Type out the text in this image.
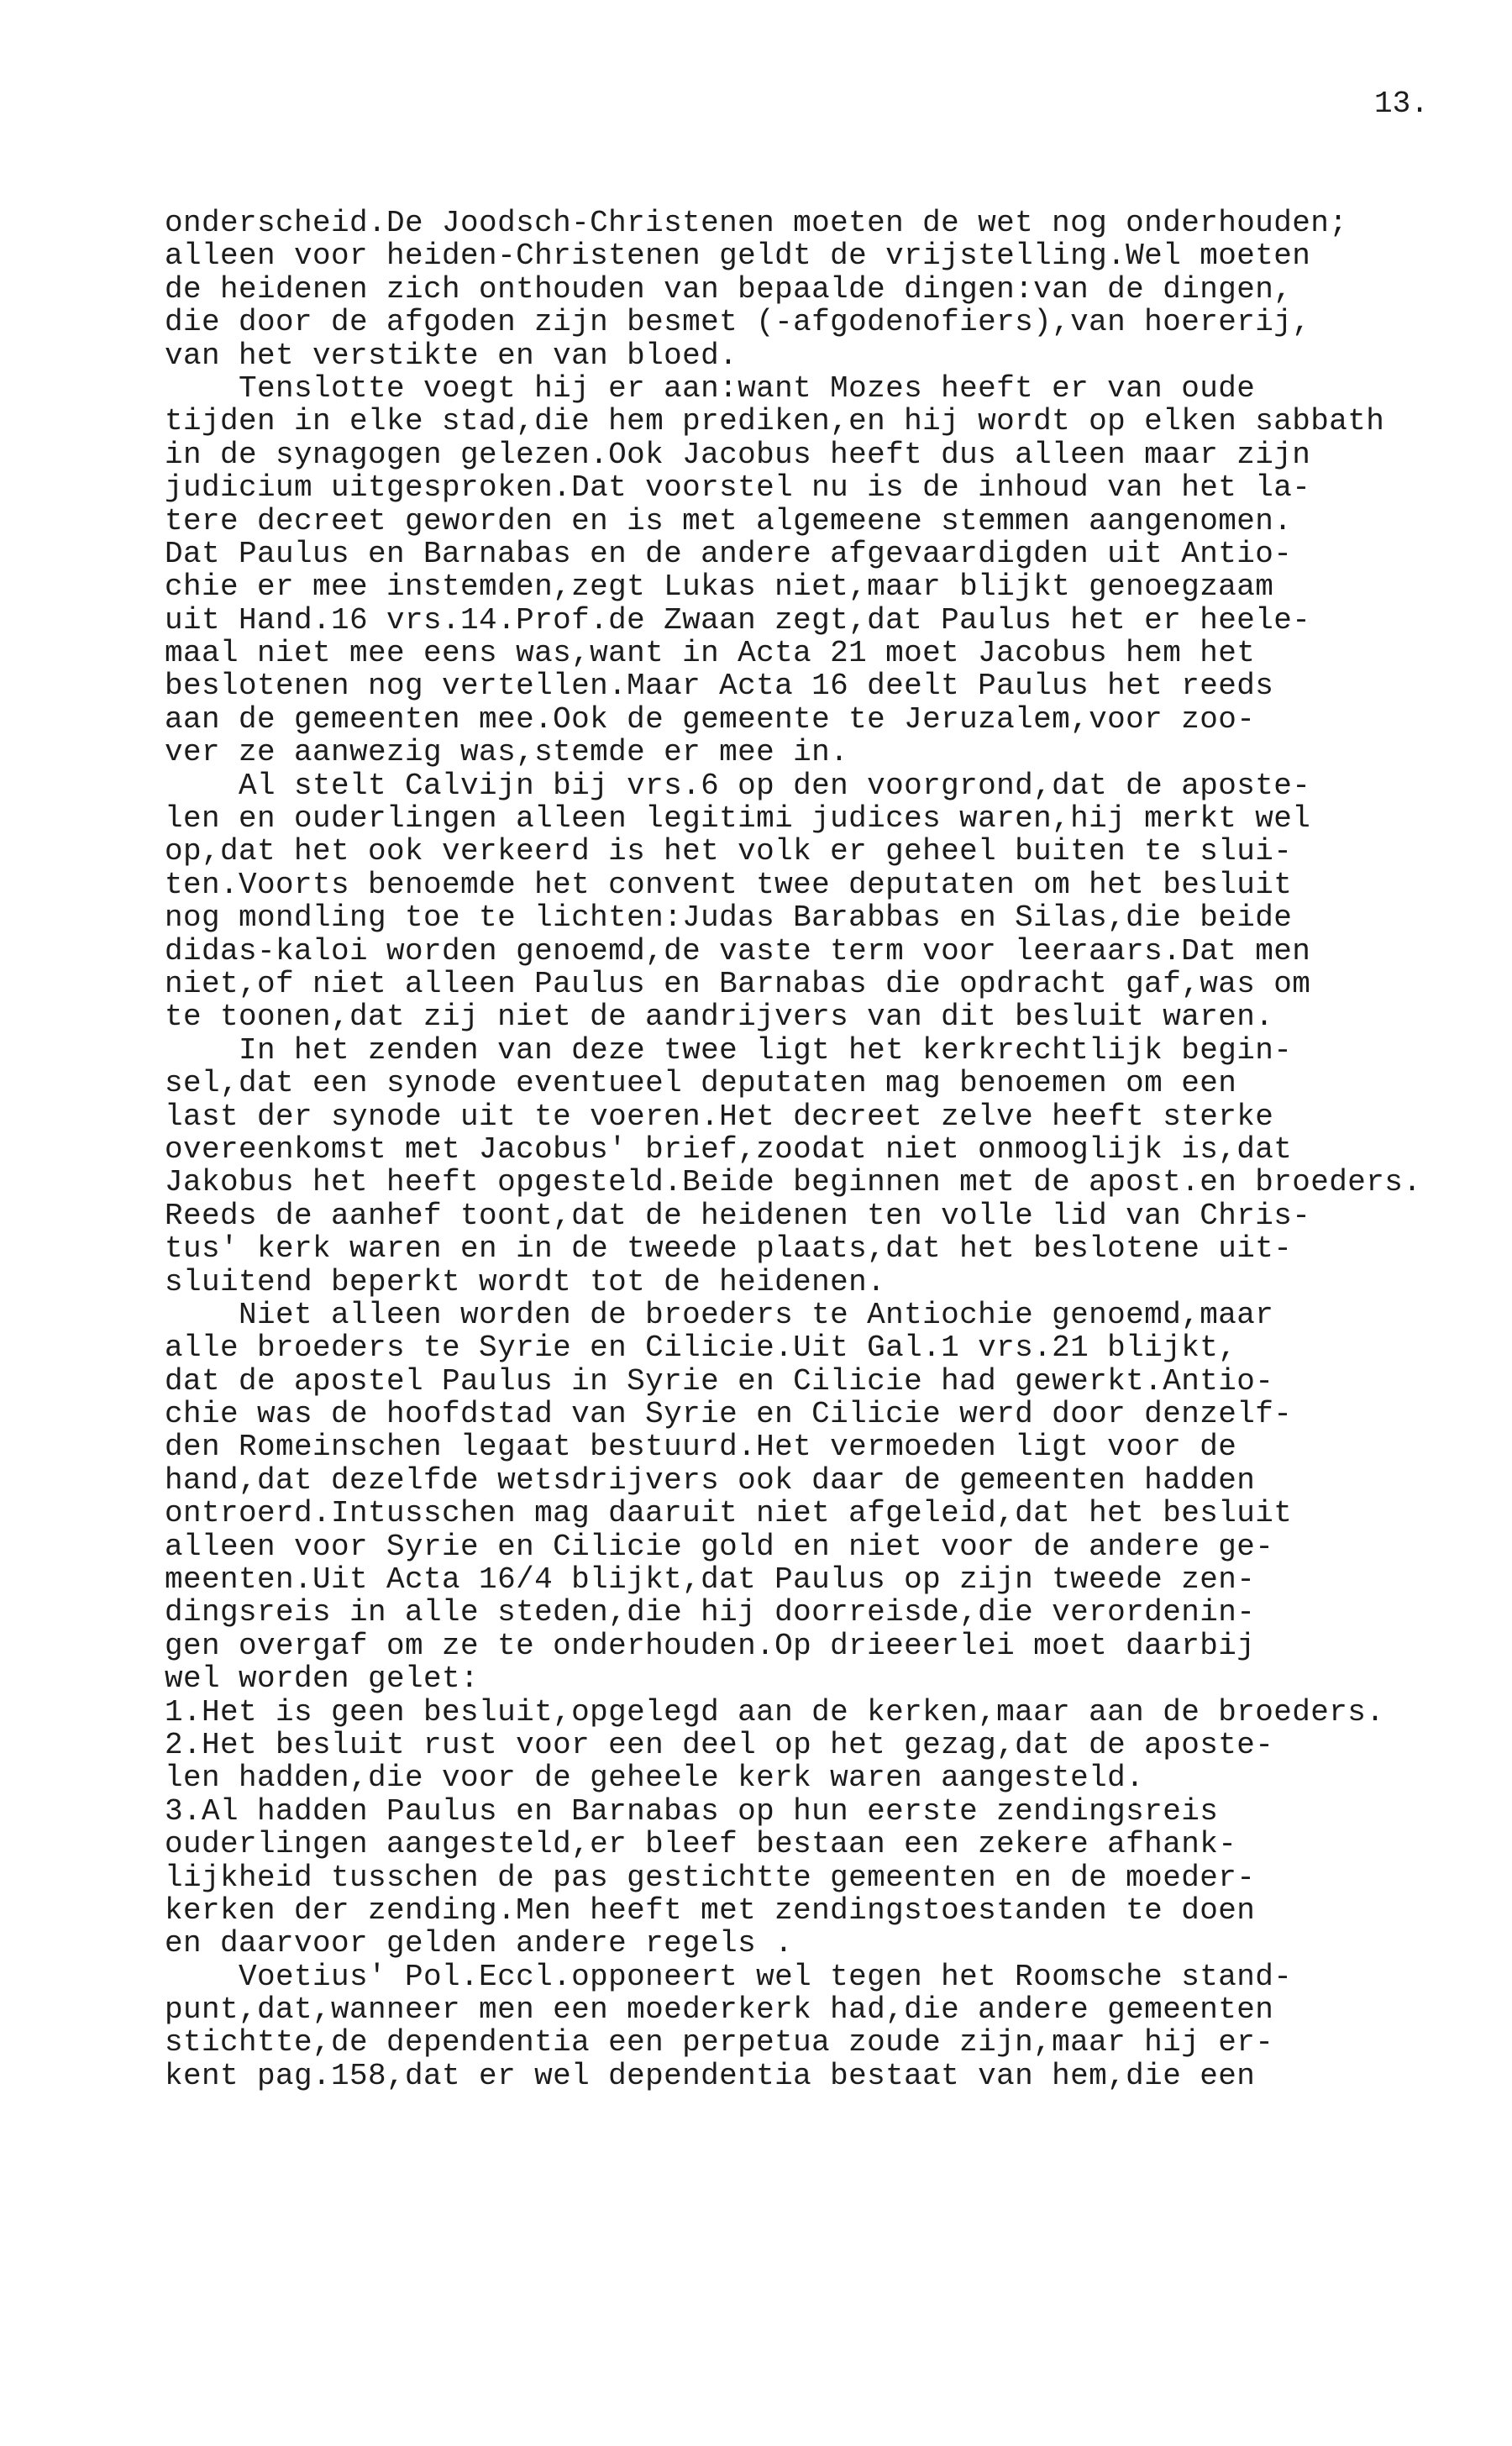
13.
onderscheid.De Joodsch-Christenen moeten de wet nog onderhouden;
alleen voor heiden-Christenen geldt de vrijstelling.Wel moeten
de heidenen zich onthouden van bepaalde dingen:van de dingen,
die door de afgoden zijn besmet (-afgodenofiers),van hoererij,
van het verstikte en van bloed.
Tenslotte voegt hij er aan:want Mozes heeft er van oude
tijden in elke stad,die hem prediken,en hij wordt op elken sabbath
in de synagogen gelezen.Ook Jacobus heeft dus alleen maar zijn
judicium uitgesproken.Dat voorstel nu is de inhoud van het la-
tere decreet geworden en is met algemeene stemmen aangenomen.
Dat Paulus en Barnabas en de andere afgevaardigden uit Antio-
chie er mee instemden,zegt Lukas niet,maar blijkt genoegzaam
uit Hand.16 vrs.14.Prof.de Zwaan zegt,dat Paulus het er heele-
maal niet mee eens was,want in Acta 21 moet Jacobus hem het
beslotenen nog vertellen.Maar Acta 16 deelt Paulus het reeds
aan de gemeenten mee.Ook de gemeente te Jeruzalem,voor zoo-
ver ze aanwezig was,stemde er mee in.
Al stelt Calvijn bij vrs.6 op den voorgrond,dat de aposte-
len en ouderlingen alleen legitimi judices waren,hij merkt wel
op,dat het ook verkeerd is het volk er geheel buiten te slui-
ten.Voorts benoemde het convent twee deputaten om het besluit
nog mondling toe te lichten:Judas Barabbas en Silas,die beide
didas-kaloi worden genoemd,de vaste term voor leeraars.Dat men
niet,of niet alleen Paulus en Barnabas die opdracht gaf,was om
te toonen,dat zij niet de aandrijvers van dit besluit waren.
In het zenden van deze twee ligt het kerkrechtlijk begin-
sel,dat een synode eventueel deputaten mag benoemen om een
last der synode uit te voeren.Het decreet zelve heeft sterke
overeenkomst met Jacobus' brief,zoodat niet onmooglijk is,dat
Jakobus het heeft opgesteld.Beide beginnen met de apost.en broeders.
Reeds de aanhef toont,dat de heidenen ten volle lid van Chris-
tus' kerk waren en in de tweede plaats,dat het beslotene uit-
sluitend beperkt wordt tot de heidenen.
Niet alleen worden de broeders te Antiochie genoemd,maar
alle broeders te Syrie en Cilicie.Uit Gal.1 vrs.21 blijkt,
dat de apostel Paulus in Syrie en Cilicie had gewerkt.Antio-
chie was de hoofdstad van Syrie en Cilicie werd door denzelf-
den Romeinschen legaat bestuurd.Het vermoeden ligt voor de
hand,dat dezelfde wetsdrijvers ook daar de gemeenten hadden
ontroerd.Intusschen mag daaruit niet afgeleid,dat het besluit
alleen voor Syrie en Cilicie gold en niet voor de andere ge-
meenten.Uit Acta 16/4 blijkt,dat Paulus op zijn tweede zen-
dingsreis in alle steden,die hij doorreisde,die verordenin-
gen overgaf om ze te onderhouden.Op drieeerlei moet daarbij
wel worden gelet:
1.Het is geen besluit,opgelegd aan de kerken,maar aan de broeders.
2.Het besluit rust voor een deel op het gezag,dat de aposte-
len hadden,die voor de geheele kerk waren aangesteld.
3.Al hadden Paulus en Barnabas op hun eerste zendingsreis
ouderlingen aangesteld,er bleef bestaan een zekere afhank-
lijkheid tusschen de pas gestichtte gemeenten en de moeder-
kerken der zending.Men heeft met zendingstoestanden te doen
en daarvoor gelden andere regels .
Voetius' Pol.Eccl.opponeert wel tegen het Roomsche stand-
punt,dat,wanneer men een moederkerk had,die andere gemeenten
stichtte,de dependentia een perpetua zoude zijn,maar hij er-
kent pag.158,dat er wel dependentia bestaat van hem,die een
